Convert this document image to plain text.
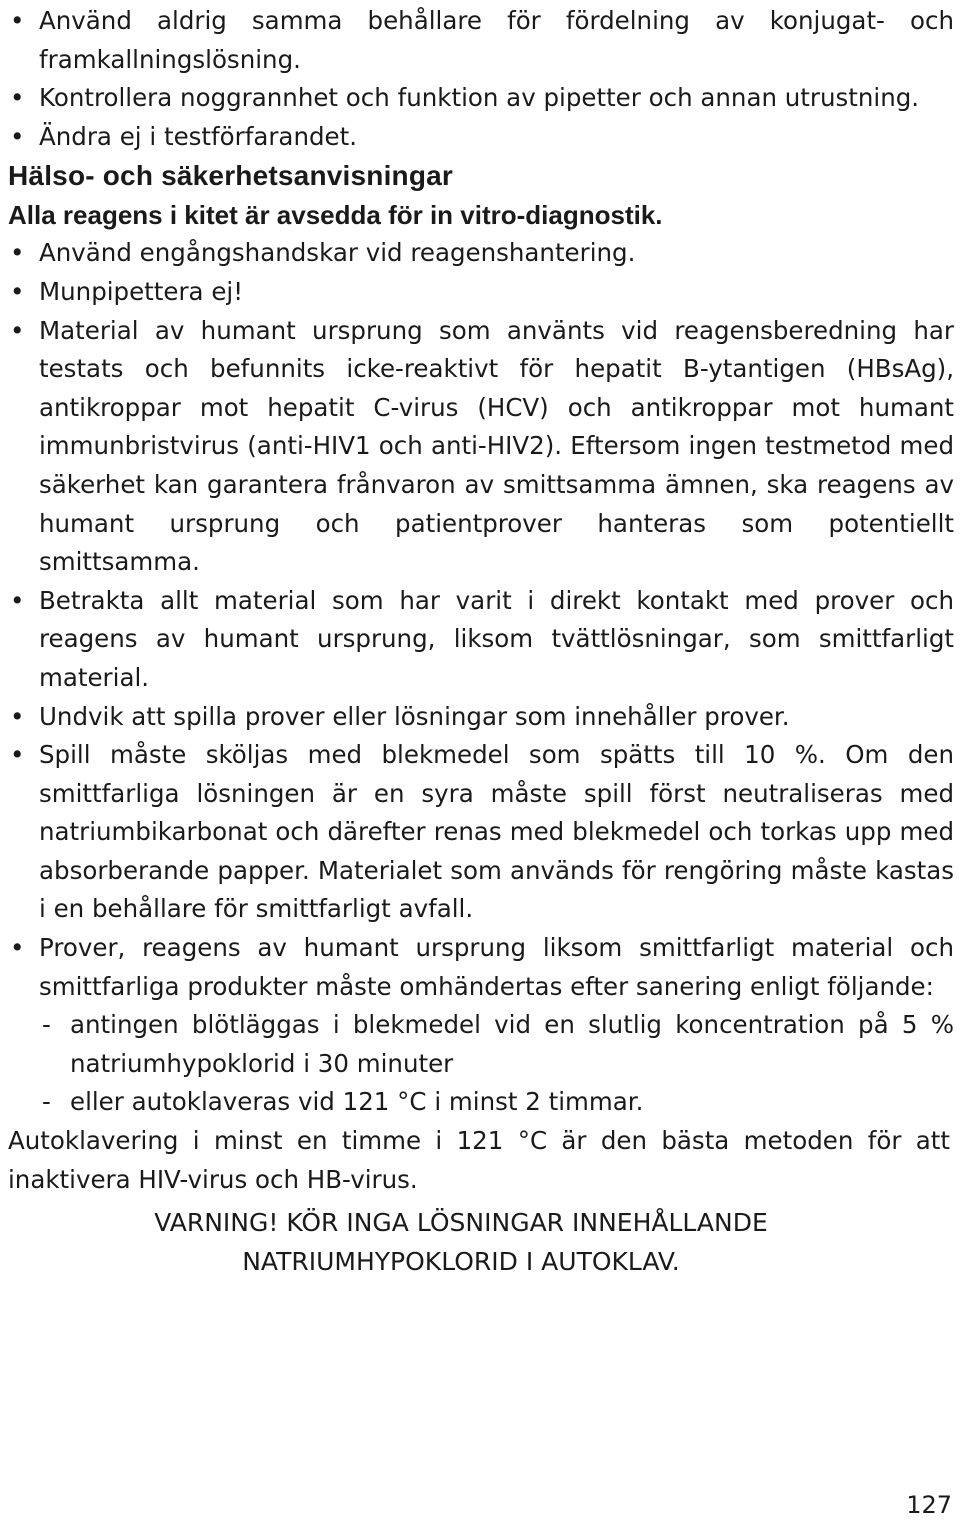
• Använd aldrig samma behållare för fördelning av konjugat- och framkallningslösning.
• Kontrollera noggrannhet och funktion av pipetter och annan utrustning.
• Ändra ej i testförfarandet.
Hälso- och säkerhetsanvisningar
Alla reagens i kitet är avsedda för in vitro-diagnostik.
• Använd engångshandskar vid reagenshantering.
• Munpipettera ej!
• Material av humant ursprung som använts vid reagensberedning har testats och befunnits icke-reaktivt för hepatit B-ytantigen (HBsAg), antikroppar mot hepatit C-virus (HCV) och antikroppar mot humant immunbristvirus (anti-HIV1 och anti-HIV2). Eftersom ingen testmetod med säkerhet kan garantera frånvaron av smittsamma ämnen, ska reagens av humant ursprung och patientprover hanteras som potentiellt smittsamma.
• Betrakta allt material som har varit i direkt kontakt med prover och reagens av humant ursprung, liksom tvättlösningar, som smittfarligt material.
• Undvik att spilla prover eller lösningar som innehåller prover.
• Spill måste sköljas med blekmedel som spätts till 10 %. Om den smittfarliga lösningen är en syra måste spill först neutraliseras med natriumbikarbonat och därefter renas med blekmedel och torkas upp med absorberande papper. Materialet som används för rengöring måste kastas i en behållare för smittfarligt avfall.
• Prover, reagens av humant ursprung liksom smittfarligt material och smittfarliga produkter måste omhändertas efter sanering enligt följande:
- antingen blötläggas i blekmedel vid en slutlig koncentration på 5 % natriumhypoklorid i 30 minuter
- eller autoklaveras vid 121 °C i minst 2 timmar.
Autoklavering i minst en timme i 121 °C är den bästa metoden för att inaktivera HIV-virus och HB-virus.
VARNING! KÖR INGA LÖSNINGAR INNEHÅLLANDE
NATRIUMHYPOKLORID I AUTOKLAV.
127
